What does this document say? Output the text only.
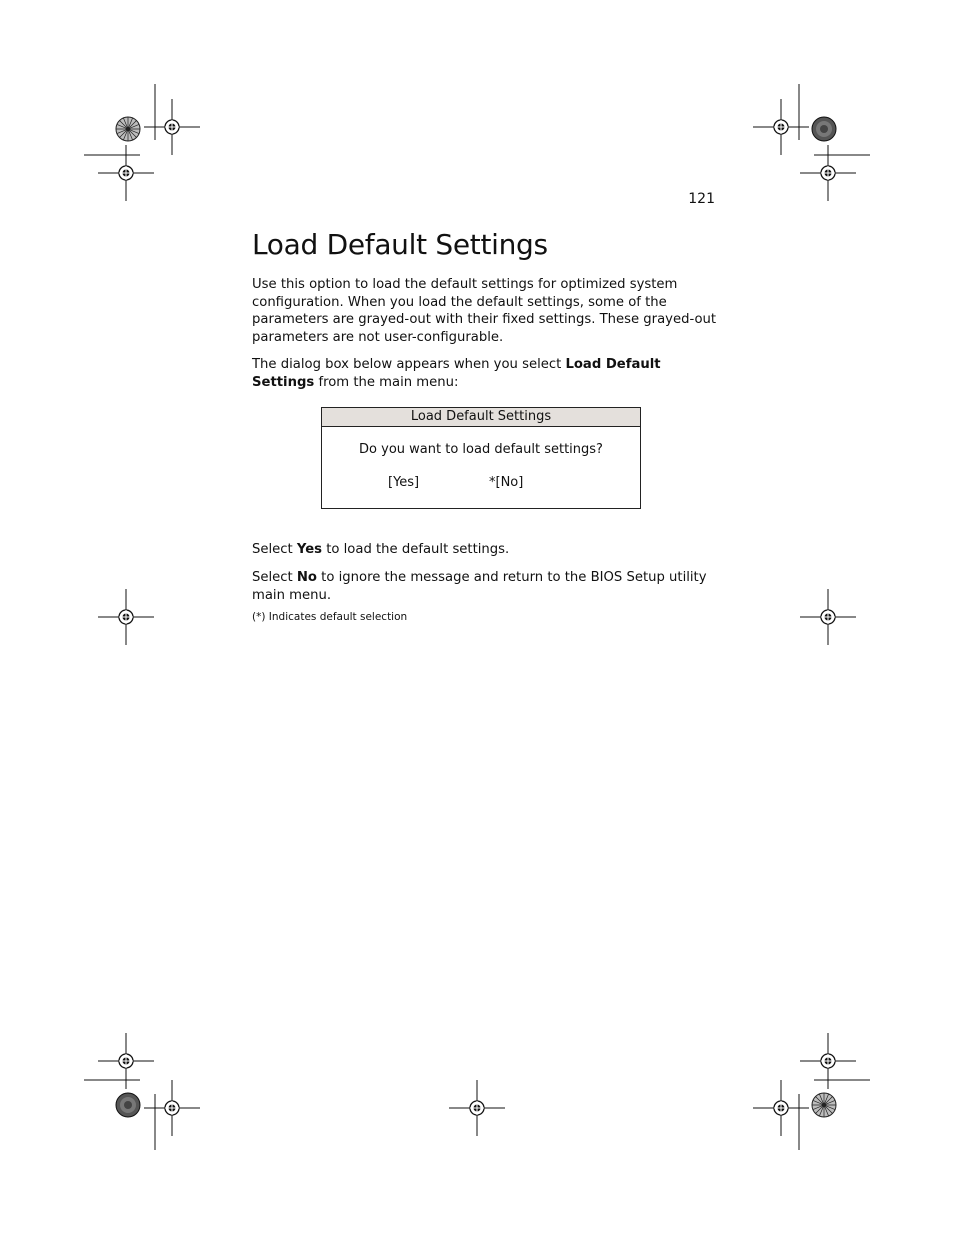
121
Load Default Settings

Use this option to load the default settings for optimized system configuration. When you load the default settings, some of the parameters are grayed-out with their fixed settings. These grayed-out parameters are not user-configurable.

The dialog box below appears when you select Load Default Settings from the main menu:

Load Default Settings
Do you want to load default settings?
[Yes]	*[No]

Select Yes to load the default settings.

Select No to ignore the message and return to the BIOS Setup utility main menu.

(*) Indicates default selection
